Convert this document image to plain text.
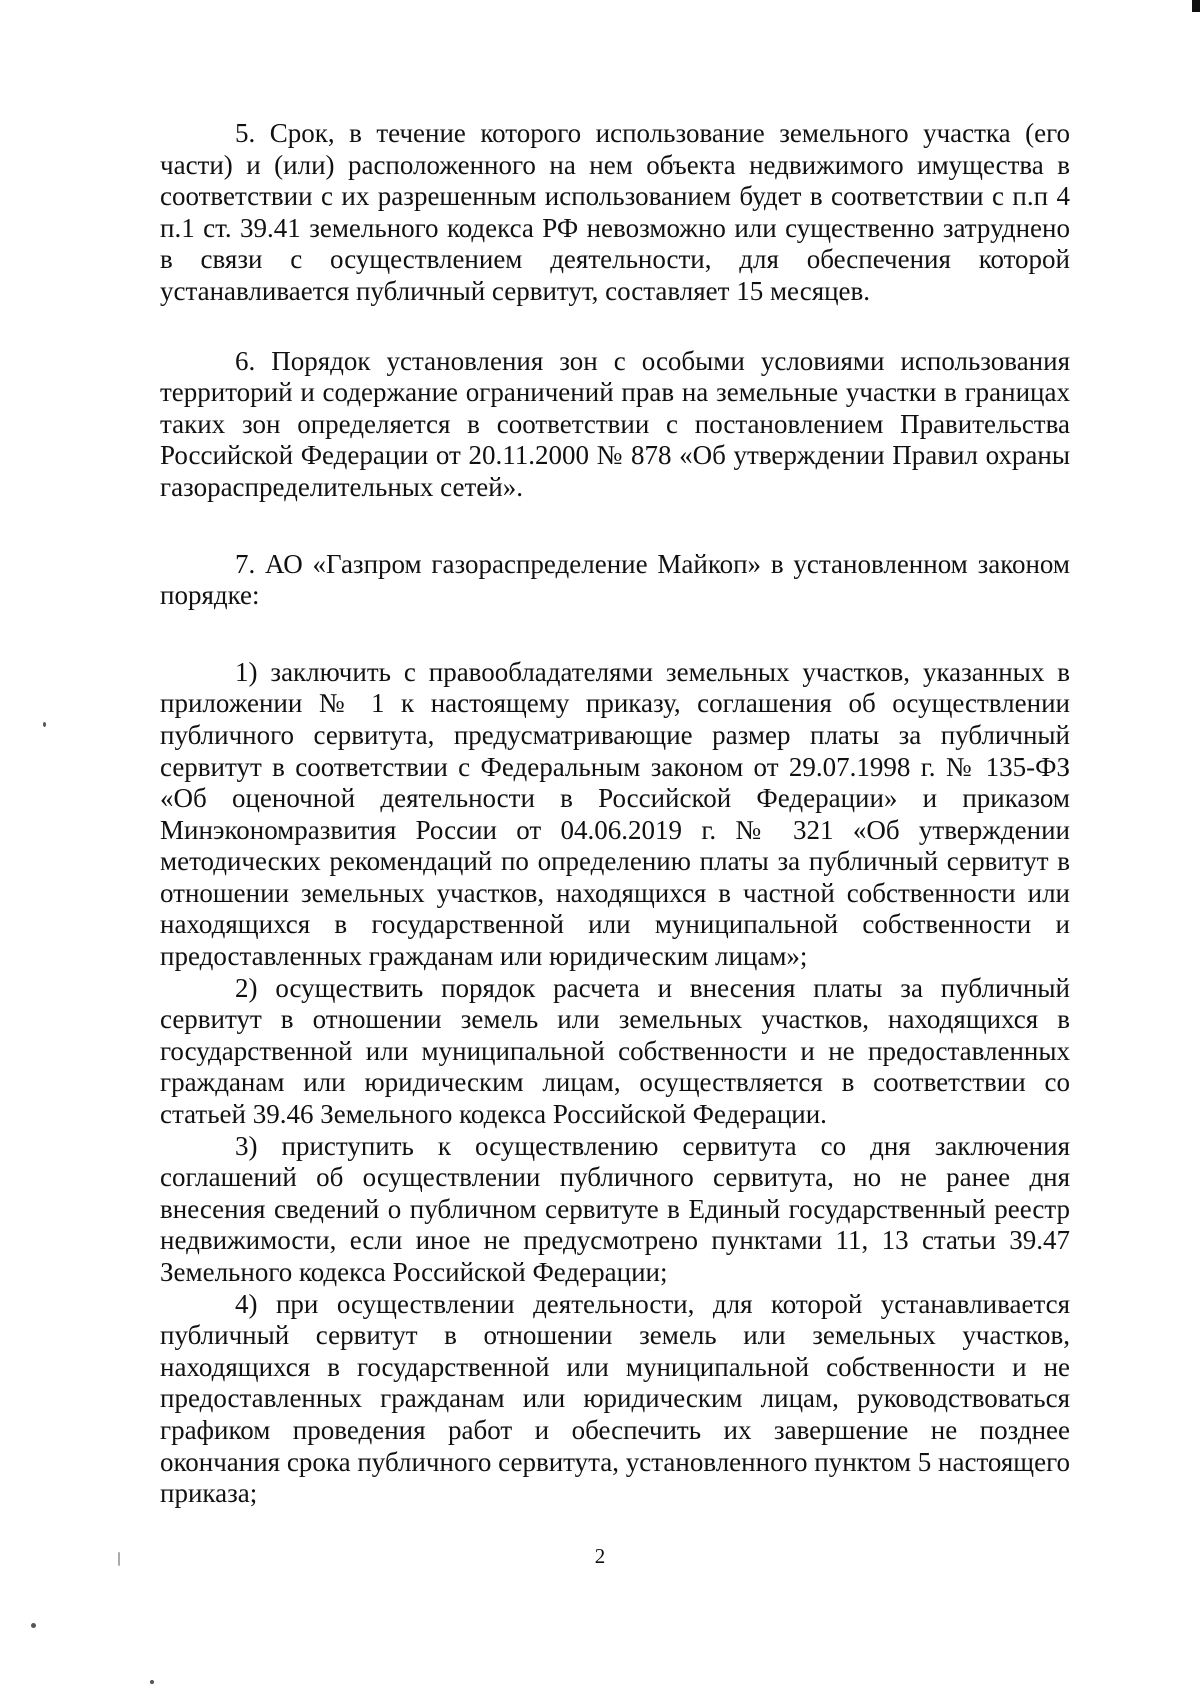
5. Срок, в течение которого использование земельного участка (его части) и (или) расположенного на нем объекта недвижимого имущества в соответствии с их разрешенным использованием будет в соответствии с п.п 4 п.1 ст. 39.41 земельного кодекса РФ невозможно или существенно затруднено в связи с осуществлением деятельности, для обеспечения которой устанавливается публичный сервитут, составляет 15 месяцев.

6. Порядок установления зон с особыми условиями использования территорий и содержание ограничений прав на земельные участки в границах таких зон определяется в соответствии с постановлением Правительства Российской Федерации от 20.11.2000 № 878 «Об утверждении Правил охраны газораспределительных сетей».

7. АО «Газпром газораспределение Майкоп» в установленном законом порядке:

1) заключить с правообладателями земельных участков, указанных в приложении № 1 к настоящему приказу, соглашения об осуществлении публичного сервитута, предусматривающие размер платы за публичный сервитут в соответствии с Федеральным законом от 29.07.1998 г. № 135-ФЗ «Об оценочной деятельности в Российской Федерации» и приказом Минэкономразвития России от 04.06.2019 г. № 321 «Об утверждении методических рекомендаций по определению платы за публичный сервитут в отношении земельных участков, находящихся в частной собственности или находящихся в государственной или муниципальной собственности и предоставленных гражданам или юридическим лицам»;

2) осуществить порядок расчета и внесения платы за публичный сервитут в отношении земель или земельных участков, находящихся в государственной или муниципальной собственности и не предоставленных гражданам или юридическим лицам, осуществляется в соответствии со статьей 39.46 Земельного кодекса Российской Федерации.

3) приступить к осуществлению сервитута со дня заключения соглашений об осуществлении публичного сервитута, но не ранее дня внесения сведений о публичном сервитуте в Единый государственный реестр недвижимости, если иное не предусмотрено пунктами 11, 13 статьи 39.47 Земельного кодекса Российской Федерации;

4) при осуществлении деятельности, для которой устанавливается публичный сервитут в отношении земель или земельных участков, находящихся в государственной или муниципальной собственности и не предоставленных гражданам или юридическим лицам, руководствоваться графиком проведения работ и обеспечить их завершение не позднее окончания срока публичного сервитута, установленного пунктом 5 настоящего приказа;

2
